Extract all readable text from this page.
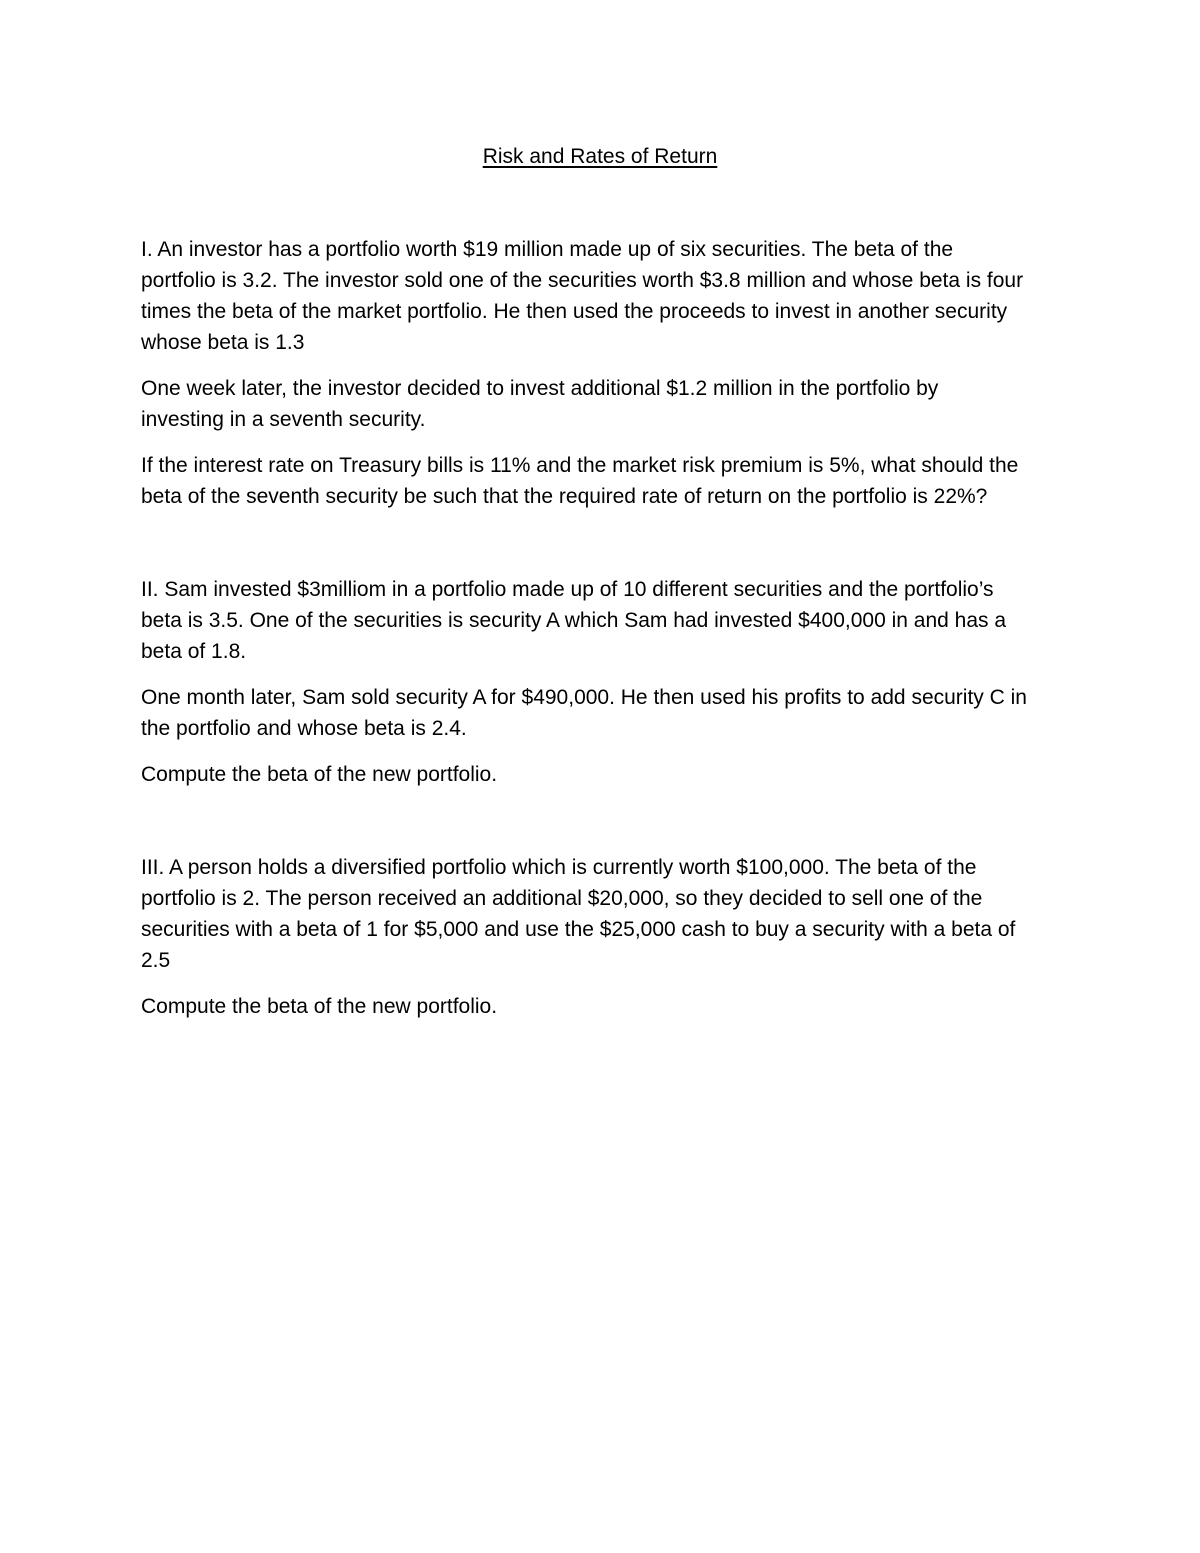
Risk and Rates of Return

I. An investor has a portfolio worth $19 million made up of six securities. The beta of the
portfolio is 3.2. The investor sold one of the securities worth $3.8 million and whose beta is four
times the beta of the market portfolio. He then used the proceeds to invest in another security
whose beta is 1.3

One week later, the investor decided to invest additional $1.2 million in the portfolio by
investing in a seventh security.

If the interest rate on Treasury bills is 11% and the market risk premium is 5%, what should the
beta of the seventh security be such that the required rate of return on the portfolio is 22%?

II. Sam invested $3milliom in a portfolio made up of 10 different securities and the portfolio’s
beta is 3.5. One of the securities is security A which Sam had invested $400,000 in and has a
beta of 1.8.

One month later, Sam sold security A for $490,000. He then used his profits to add security C in
the portfolio and whose beta is 2.4.

Compute the beta of the new portfolio.

III. A person holds a diversified portfolio which is currently worth $100,000. The beta of the
portfolio is 2. The person received an additional $20,000, so they decided to sell one of the
securities with a beta of 1 for $5,000 and use the $25,000 cash to buy a security with a beta of
2.5

Compute the beta of the new portfolio.
